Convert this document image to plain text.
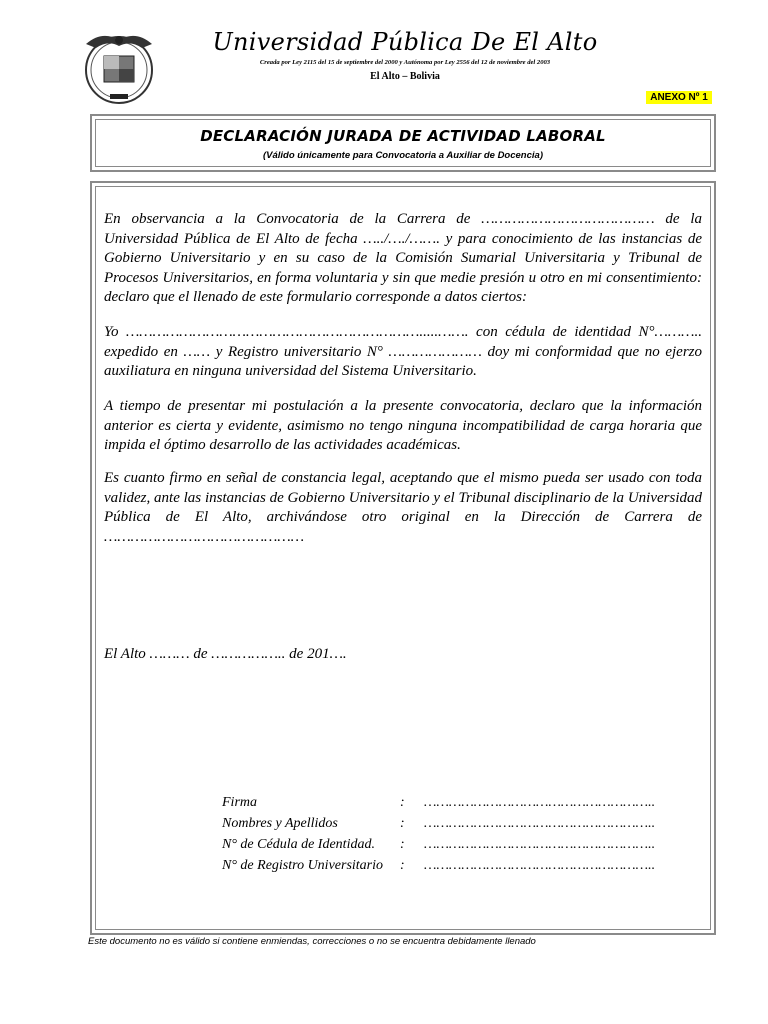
Universidad Pública De El Alto
Creada por Ley 2115 del 15 de septiembre del 2000 y Autónoma por Ley 2556 del 12 de noviembre del 2003
El Alto – Bolivia
ANEXO Nº 1
DECLARACIÓN JURADA DE ACTIVIDAD LABORAL
(Válido únicamente para Convocatoria a Auxiliar de Docencia)

En observancia a la Convocatoria de la Carrera de ………………………………… de la Universidad Pública de El Alto de fecha …../…./……. y para conocimiento de las instancias de Gobierno Universitario y en su caso de la Comisión Sumarial Universitaria y Tribunal de Procesos Universitarios, en forma voluntaria y sin que medie presión u otro en mi consentimiento: declaro que el llenado de este formulario corresponde a datos ciertos:

Yo ………………………………………………………….....……. con cédula de identidad N°……….. expedido en …… y Registro universitario N° ………………… doy mi conformidad que no ejerzo auxiliatura en ninguna universidad del Sistema Universitario.

A tiempo de presentar mi postulación a la presente convocatoria, declaro que la información anterior es cierta y evidente, asimismo no tengo ninguna incompatibilidad de carga horaria que impida el óptimo desarrollo de las actividades académicas.

Es cuanto firmo en señal de constancia legal, aceptando que el mismo pueda ser usado con toda validez, ante las instancias de Gobierno Universitario y el Tribunal disciplinario de la Universidad Pública de El Alto, archivándose otro original en la Dirección de Carrera de ………………………………………

El Alto ……… de …………….. de 201….
Firma	:	………………………………………………..
Nombres y Apellidos	:	………………………………………………..
N° de Cédula de Identidad.	:	………………………………………………..
N° de Registro Universitario	:	………………………………………………..
Este documento no es válido si contiene enmiendas, correcciones o no se encuentra debidamente llenado
